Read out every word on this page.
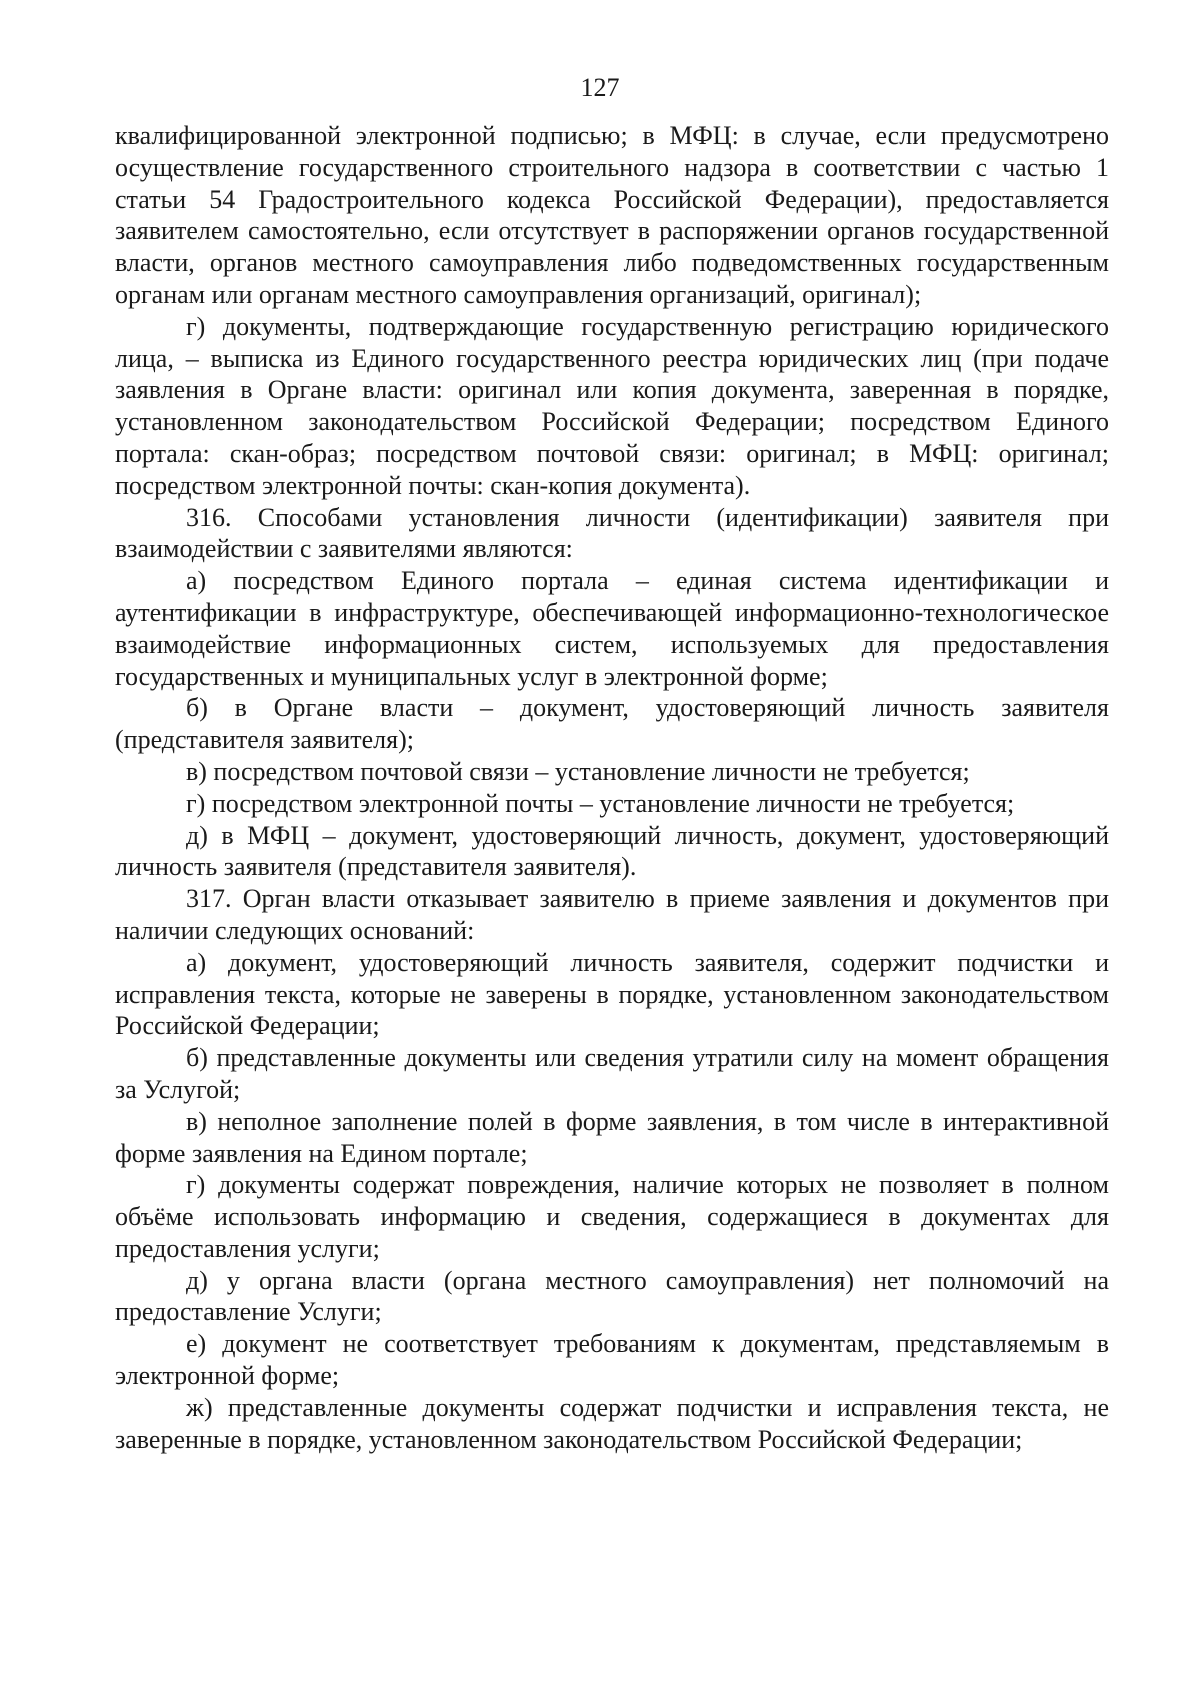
127

квалифицированной электронной подписью; в МФЦ: в случае, если предусмотрено осуществление государственного строительного надзора в соответствии с частью 1 статьи 54 Градостроительного кодекса Российской Федерации), предоставляется заявителем самостоятельно, если отсутствует в распоряжении органов государственной власти, органов местного самоуправления либо подведомственных государственным органам или органам местного самоуправления организаций, оригинал);

г) документы, подтверждающие государственную регистрацию юридического лица, – выписка из Единого государственного реестра юридических лиц (при подаче заявления в Органе власти: оригинал или копия документа, заверенная в порядке, установленном законодательством Российской Федерации; посредством Единого портала: скан-образ; посредством почтовой связи: оригинал; в МФЦ: оригинал; посредством электронной почты: скан-копия документа).

316. Способами установления личности (идентификации) заявителя при взаимодействии с заявителями являются:

а) посредством Единого портала – единая система идентификации и аутентификации в инфраструктуре, обеспечивающей информационно-технологическое взаимодействие информационных систем, используемых для предоставления государственных и муниципальных услуг в электронной форме;

б) в Органе власти – документ, удостоверяющий личность заявителя (представителя заявителя);

в) посредством почтовой связи – установление личности не требуется;

г) посредством электронной почты – установление личности не требуется;

д) в МФЦ – документ, удостоверяющий личность, документ, удостоверяющий личность заявителя (представителя заявителя).

317. Орган власти отказывает заявителю в приеме заявления и документов при наличии следующих оснований:

а) документ, удостоверяющий личность заявителя, содержит подчистки и исправления текста, которые не заверены в порядке, установленном законодательством Российской Федерации;

б) представленные документы или сведения утратили силу на момент обращения за Услугой;

в) неполное заполнение полей в форме заявления, в том числе в интерактивной форме заявления на Едином портале;

г) документы содержат повреждения, наличие которых не позволяет в полном объёме использовать информацию и сведения, содержащиеся в документах для предоставления услуги;

д) у органа власти (органа местного самоуправления) нет полномочий на предоставление Услуги;

е) документ не соответствует требованиям к документам, представляемым в электронной форме;

ж) представленные документы содержат подчистки и исправления текста, не заверенные в порядке, установленном законодательством Российской Федерации;
